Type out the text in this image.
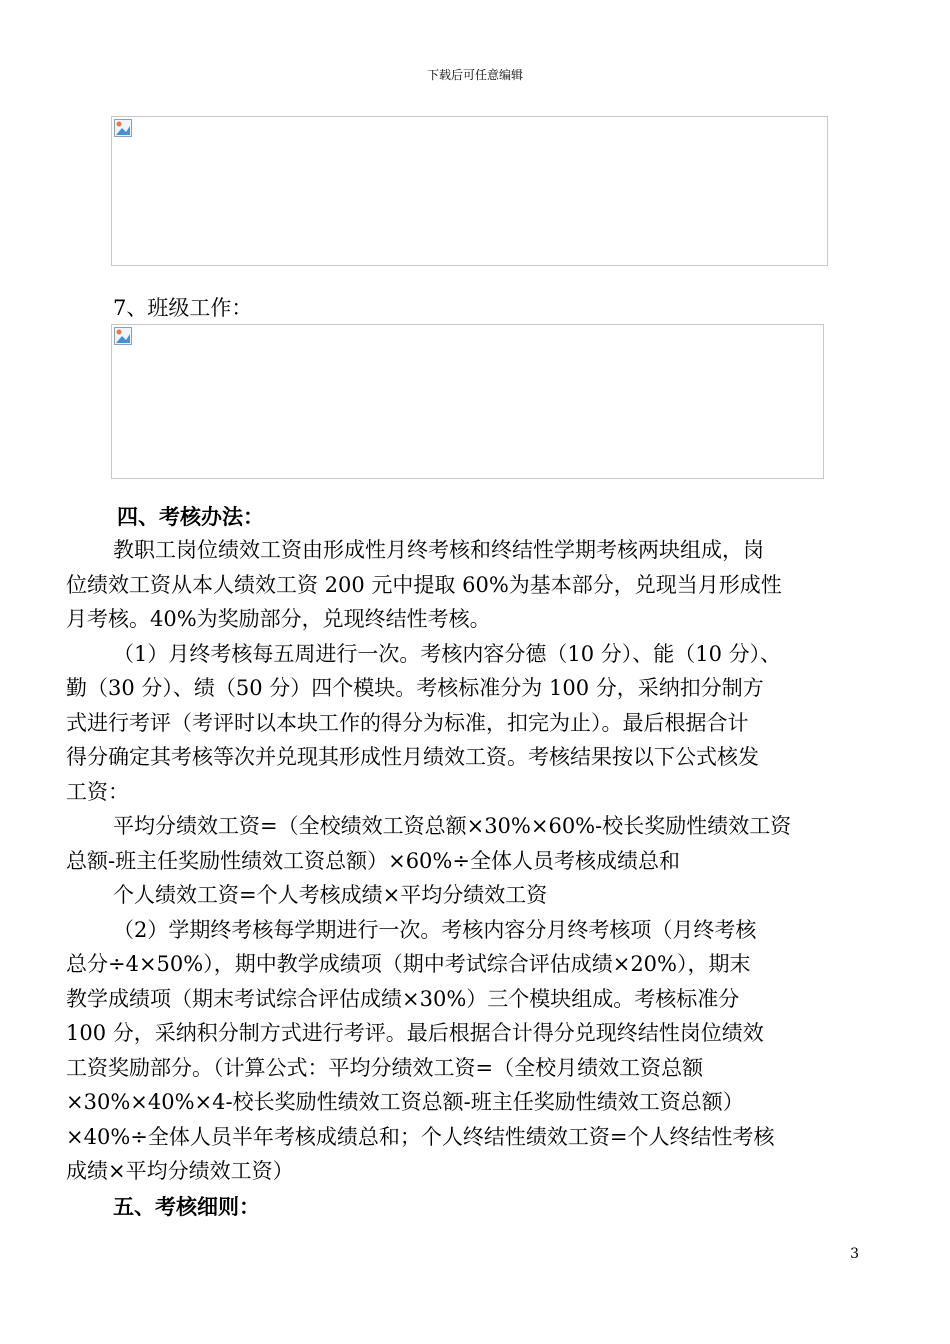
下载后可任意编辑
7、班级工作：
四、考核办法：
教职工岗位绩效工资由形成性月终考核和终结性学期考核两块组成，岗
位绩效工资从本人绩效工资 200 元中提取 60%为基本部分，兑现当月形成性
月考核。40%为奖励部分，兑现终结性考核。
（1）月终考核每五周进行一次。考核内容分德（10 分）、能（10 分）、
勤（30 分）、绩（50 分）四个模块。考核标准分为 100 分，采纳扣分制方
式进行考评（考评时以本块工作的得分为标准，扣完为止）。最后根据合计
得分确定其考核等次并兑现其形成性月绩效工资。考核结果按以下公式核发
工资：
平均分绩效工资=（全校绩效工资总额×30%×60%-校长奖励性绩效工资
总额-班主任奖励性绩效工资总额）×60%÷全体人员考核成绩总和
个人绩效工资=个人考核成绩×平均分绩效工资
（2）学期终考核每学期进行一次。考核内容分月终考核项（月终考核
总分÷4×50%），期中教学成绩项（期中考试综合评估成绩×20%），期末
教学成绩项（期末考试综合评估成绩×30%）三个模块组成。考核标准分
100 分，采纳积分制方式进行考评。最后根据合计得分兑现终结性岗位绩效
工资奖励部分。（计算公式：平均分绩效工资=（全校月绩效工资总额
×30%×40%×4-校长奖励性绩效工资总额-班主任奖励性绩效工资总额）
×40%÷全体人员半年考核成绩总和；个人终结性绩效工资=个人终结性考核
成绩×平均分绩效工资）
五、考核细则：
3
